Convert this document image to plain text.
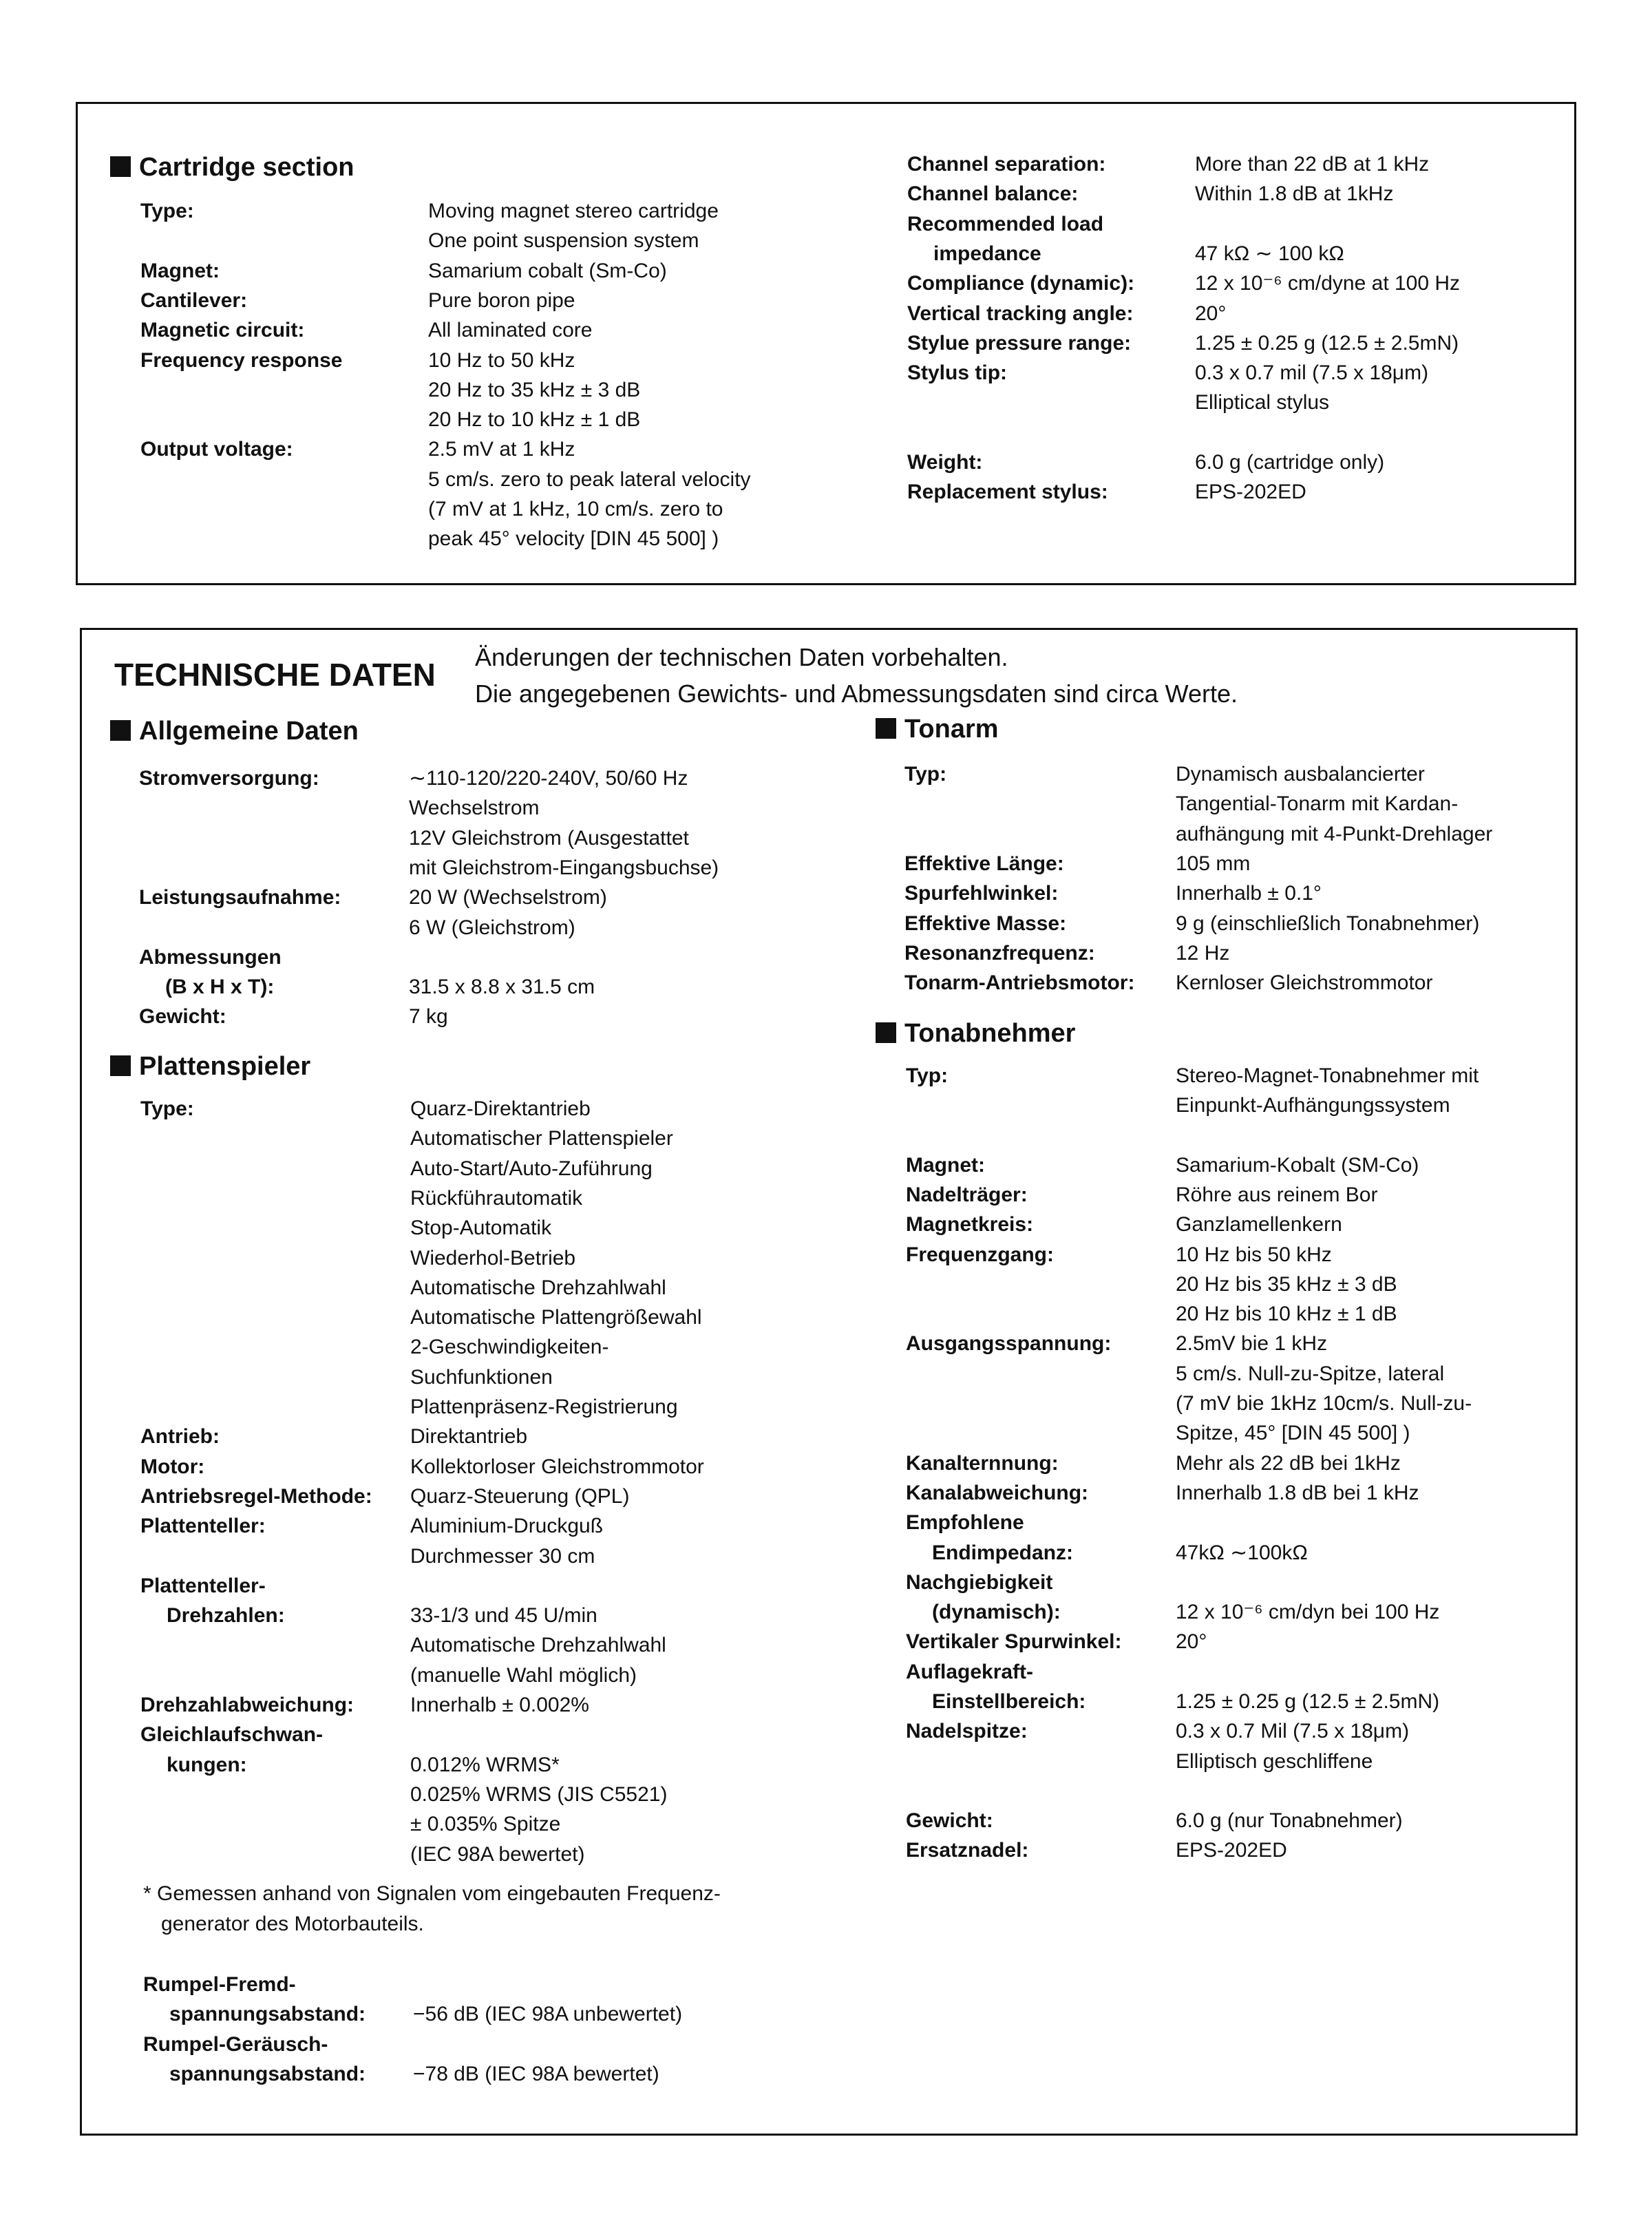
Cartridge section
Type:	Moving magnet stereo cartridge
One point suspension system
Magnet:	Samarium cobalt (Sm-Co)
Cantilever:	Pure boron pipe
Magnetic circuit:	All laminated core
Frequency response	10 Hz to 50 kHz
20 Hz to 35 kHz ± 3 dB
20 Hz to 10 kHz ± 1 dB
Output voltage:	2.5 mV at 1 kHz
5 cm/s. zero to peak lateral velocity
(7 mV at 1 kHz, 10 cm/s. zero to
peak 45° velocity [DIN 45 500] )
Channel separation:	More than 22 dB at 1 kHz
Channel balance:	Within 1.8 dB at 1kHz
Recommended load
impedance	47 kΩ ∼ 100 kΩ
Compliance (dynamic):	12 x 10⁻⁶ cm/dyne at 100 Hz
Vertical tracking angle:	20°
Stylue pressure range:	1.25 ± 0.25 g (12.5 ± 2.5mN)
Stylus tip:	0.3 x 0.7 mil (7.5 x 18μm)
Elliptical stylus
Weight:	6.0 g (cartridge only)
Replacement stylus:	EPS-202ED
TECHNISCHE DATEN Änderungen der technischen Daten vorbehalten.
Die angegebenen Gewichts- und Abmessungsdaten sind circa Werte.
Allgemeine Daten
Plattenspieler
Tonarm
Tonabnehmer
Stromversorgung:	∼110-120/220-240V, 50/60 Hz
Wechselstrom
12V Gleichstrom (Ausgestattet
mit Gleichstrom-Eingangsbuchse)
Leistungsaufnahme:	20 W (Wechselstrom)
6 W (Gleichstrom)
Abmessungen
(B x H x T):	31.5 x 8.8 x 31.5 cm
Gewicht:	7 kg
Type:	Quarz-Direktantrieb
Automatischer Plattenspieler
Auto-Start/Auto-Zuführung
Rückführautomatik
Stop-Automatik
Wiederhol-Betrieb
Automatische Drehzahlwahl
Automatische Plattengrößewahl
2-Geschwindigkeiten-
Suchfunktionen
Plattenpräsenz-Registrierung
Antrieb:	Direktantrieb
Motor:	Kollektorloser Gleichstrommotor
Antriebsregel-Methode: Quarz-Steuerung (QPL)
Plattenteller:	Aluminium-Druckguß
Durchmesser 30 cm
Plattenteller-
Drehzahlen:	33-1/3 und 45 U/min
Automatische Drehzahlwahl
(manuelle Wahl möglich)
Drehzahlabweichung:	Innerhalb ± 0.002%
Gleichlaufschwan-
kungen:	0.012% WRMS*
0.025% WRMS (JIS C5521)
± 0.035% Spitze
(IEC 98A bewertet)
* Gemessen anhand von Signalen vom eingebauten Frequenz-
generator des Motorbauteils.
Rumpel-Fremd-
spannungsabstand: −56 dB (IEC 98A unbewertet)
Rumpel-Geräusch-
spannungsabstand: −78 dB (IEC 98A bewertet)
Typ:	Dynamisch ausbalancierter
Tangential-Tonarm mit Kardan-
aufhängung mit 4-Punkt-Drehlager
Effektive Länge:	105 mm
Spurfehlwinkel:	Innerhalb ± 0.1°
Effektive Masse:	9 g (einschließlich Tonabnehmer)
Resonanzfrequenz:	12 Hz
Tonarm-Antriebsmotor: Kernloser Gleichstrommotor
Typ:	Stereo-Magnet-Tonabnehmer mit
Einpunkt-Aufhängungssystem
Magnet:	Samarium-Kobalt (SM-Co)
Nadelträger:	Röhre aus reinem Bor
Magnetkreis:	Ganzlamellenkern
Frequenzgang:	10 Hz bis 50 kHz
20 Hz bis 35 kHz ± 3 dB
20 Hz bis 10 kHz ± 1 dB
Ausgangsspannung:	2.5mV bie 1 kHz
5 cm/s. Null-zu-Spitze, lateral
(7 mV bie 1kHz 10cm/s. Null-zu-
Spitze, 45° [DIN 45 500] )
Kanalternnung:	Mehr als 22 dB bei 1kHz
Kanalabweichung:	Innerhalb 1.8 dB bei 1 kHz
Empfohlene
Endimpedanz:	47kΩ ∼100kΩ
Nachgiebigkeit
(dynamisch):	12 x 10⁻⁶ cm/dyn bei 100 Hz
Vertikaler Spurwinkel:	20°
Auflagekraft-
Einstellbereich:	1.25 ± 0.25 g (12.5 ± 2.5mN)
Nadelspitze:	0.3 x 0.7 Mil (7.5 x 18μm)
Elliptisch geschliffene
Gewicht:	6.0 g (nur Tonabnehmer)
Ersatznadel:	EPS-202ED
